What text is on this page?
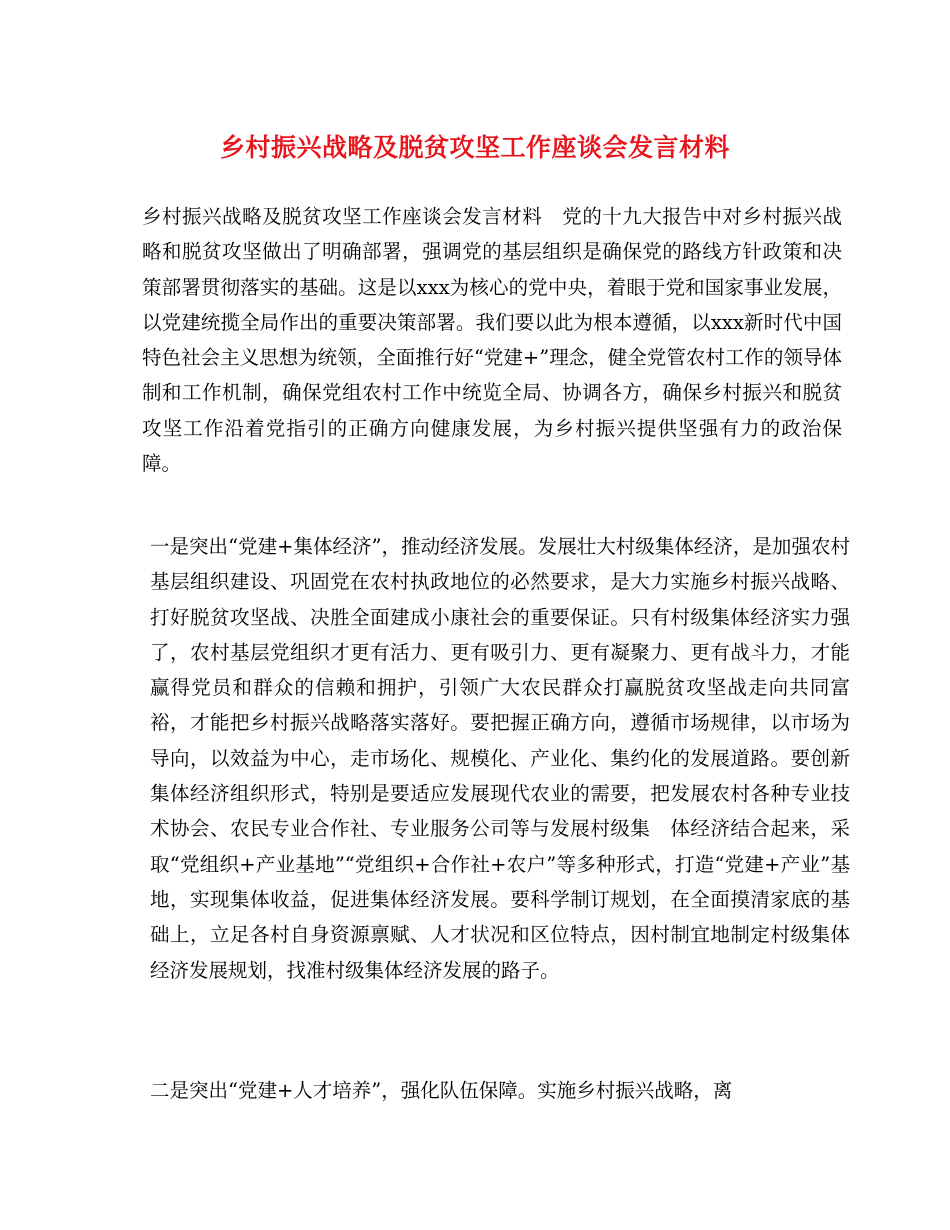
乡村振兴战略及脱贫攻坚工作座谈会发言材料
乡村振兴战略及脱贫攻坚工作座谈会发言材料　党的十九大报告中对乡村振兴战略和脱贫攻坚做出了明确部署，强调党的基层组织是确保党的路线方针政策和决策部署贯彻落实的基础。这是以xxx为核心的党中央，着眼于党和国家事业发展，以党建统揽全局作出的重要决策部署。我们要以此为根本遵循，以xxx新时代中国特色社会主义思想为统领，全面推行好“党建+”理念，健全党管农村工作的领导体制和工作机制，确保党组农村工作中统览全局、协调各方，确保乡村振兴和脱贫攻坚工作沿着党指引的正确方向健康发展，为乡村振兴提供坚强有力的政治保障。
一是突出“党建+集体经济”，推动经济发展。发展壮大村级集体经济，是加强农村基层组织建设、巩固党在农村执政地位的必然要求，是大力实施乡村振兴战略、打好脱贫攻坚战、决胜全面建成小康社会的重要保证。只有村级集体经济实力强了，农村基层党组织才更有活力、更有吸引力、更有凝聚力、更有战斗力，才能赢得党员和群众的信赖和拥护，引领广大农民群众打赢脱贫攻坚战走向共同富裕，才能把乡村振兴战略落实落好。要把握正确方向，遵循市场规律，以市场为导向，以效益为中心，走市场化、规模化、产业化、集约化的发展道路。要创新集体经济组织形式，特别是要适应发展现代农业的需要，把发展农村各种专业技术协会、农民专业合作社、专业服务公司等与发展村级集　体经济结合起来，采取“党组织+产业基地”“党组织+合作社+农户”等多种形式，打造“党建+产业”基地，实现集体收益，促进集体经济发展。要科学制订规划，在全面摸清家底的基础上，立足各村自身资源禀赋、人才状况和区位特点，因村制宜地制定村级集体经济发展规划，找准村级集体经济发展的路子。
二是突出“党建+人才培养”，强化队伍保障。实施乡村振兴战略，离
